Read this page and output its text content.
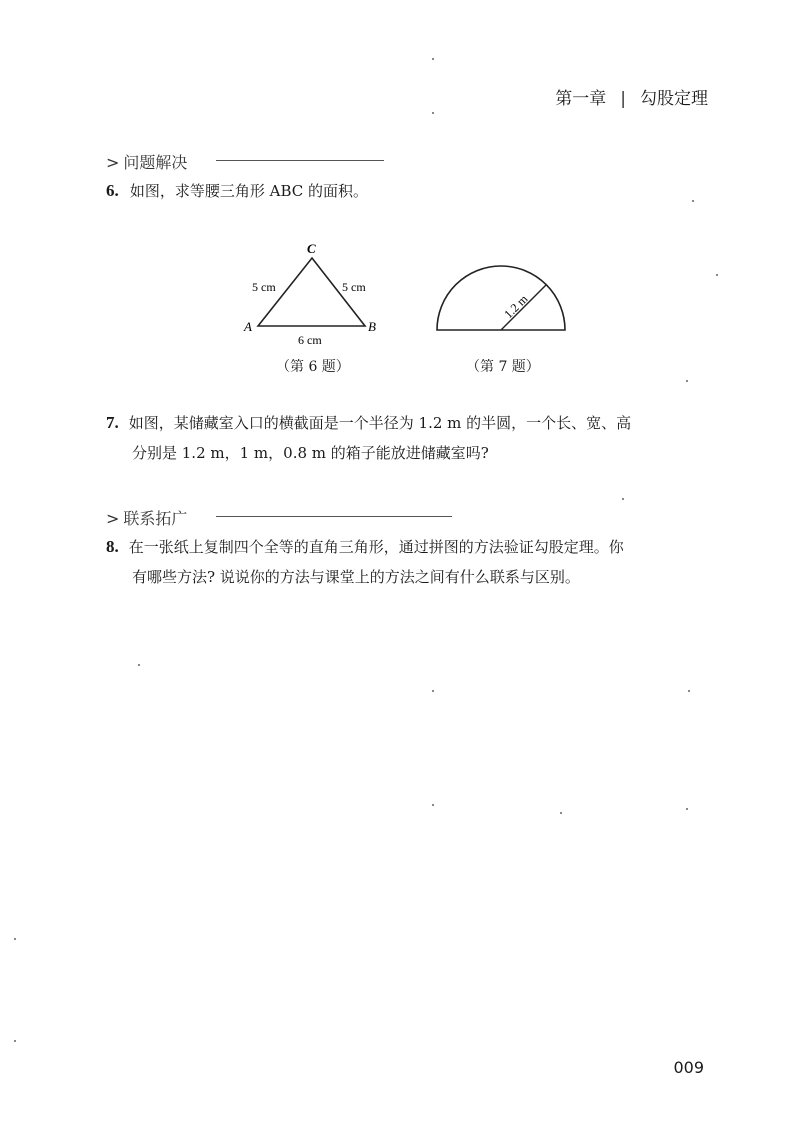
第一章 | 勾股定理
> 问题解决
6. 如图，求等腰三角形 ABC 的面积。
C
A	B
5 cm	5 cm
6 cm
（第 6 题）
1.2 m
（第 7 题）
7. 如图，某储藏室入口的横截面是一个半径为 1.2 m 的半圆，一个长、宽、高
分别是 1.2 m，1 m，0.8 m 的箱子能放进储藏室吗?
> 联系拓广
8. 在一张纸上复制四个全等的直角三角形，通过拼图的方法验证勾股定理。你
有哪些方法? 说说你的方法与课堂上的方法之间有什么联系与区别。
009
